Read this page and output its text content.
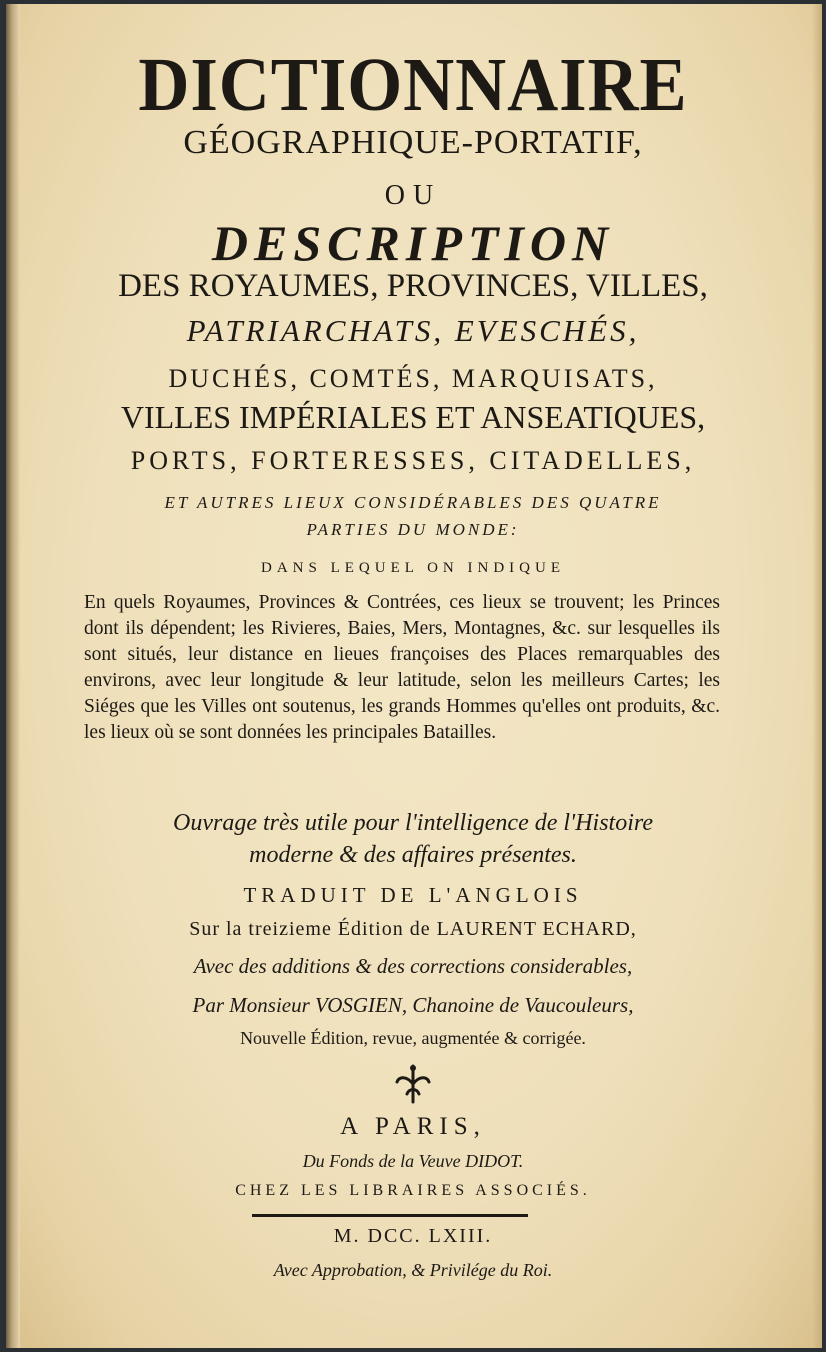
DICTIONNAIRE
GÉOGRAPHIQUE-PORTATIF,
OU
DESCRIPTION
DES ROYAUMES, PROVINCES, VILLES,
PATRIARCHATS, EVESCHÉS,
DUCHÉS, COMTÉS, MARQUISATS,
VILLES IMPÉRIALES ET ANSEATIQUES,
PORTS, FORTERESSES, CITADELLES,
ET AUTRES LIEUX CONSIDÉRABLES DES QUATRE
PARTIES DU MONDE:
DANS LEQUEL ON INDIQUE
En quels Royaumes, Provinces & Contrées, ces lieux se trouvent; les Princes dont ils dépendent; les Rivieres, Baies, Mers, Montagnes, &c. sur lesquelles ils sont situés, leur distance en lieues françoises des Places remarquables des environs, avec leur longitude & leur latitude, selon les meilleurs Cartes; les Siéges que les Villes ont soutenus, les grands Hommes qu'elles ont produits, &c. les lieux où se sont données les principales Batailles.
Ouvrage très utile pour l'intelligence de l'Histoire
moderne & des affaires présentes.
TRADUIT DE L'ANGLOIS
Sur la treizieme Édition de LAURENT ECHARD,
Avec des additions & des corrections considerables,
Par Monsieur VOSGIEN, Chanoine de Vaucouleurs,
Nouvelle Édition, revue, augmentée & corrigée.
A PARIS,
Du Fonds de la Veuve DIDOT.
CHEZ LES LIBRAIRES ASSOCIÉS.
M. DCC. LXIII.
Avec Approbation, & Privilége du Roi.
